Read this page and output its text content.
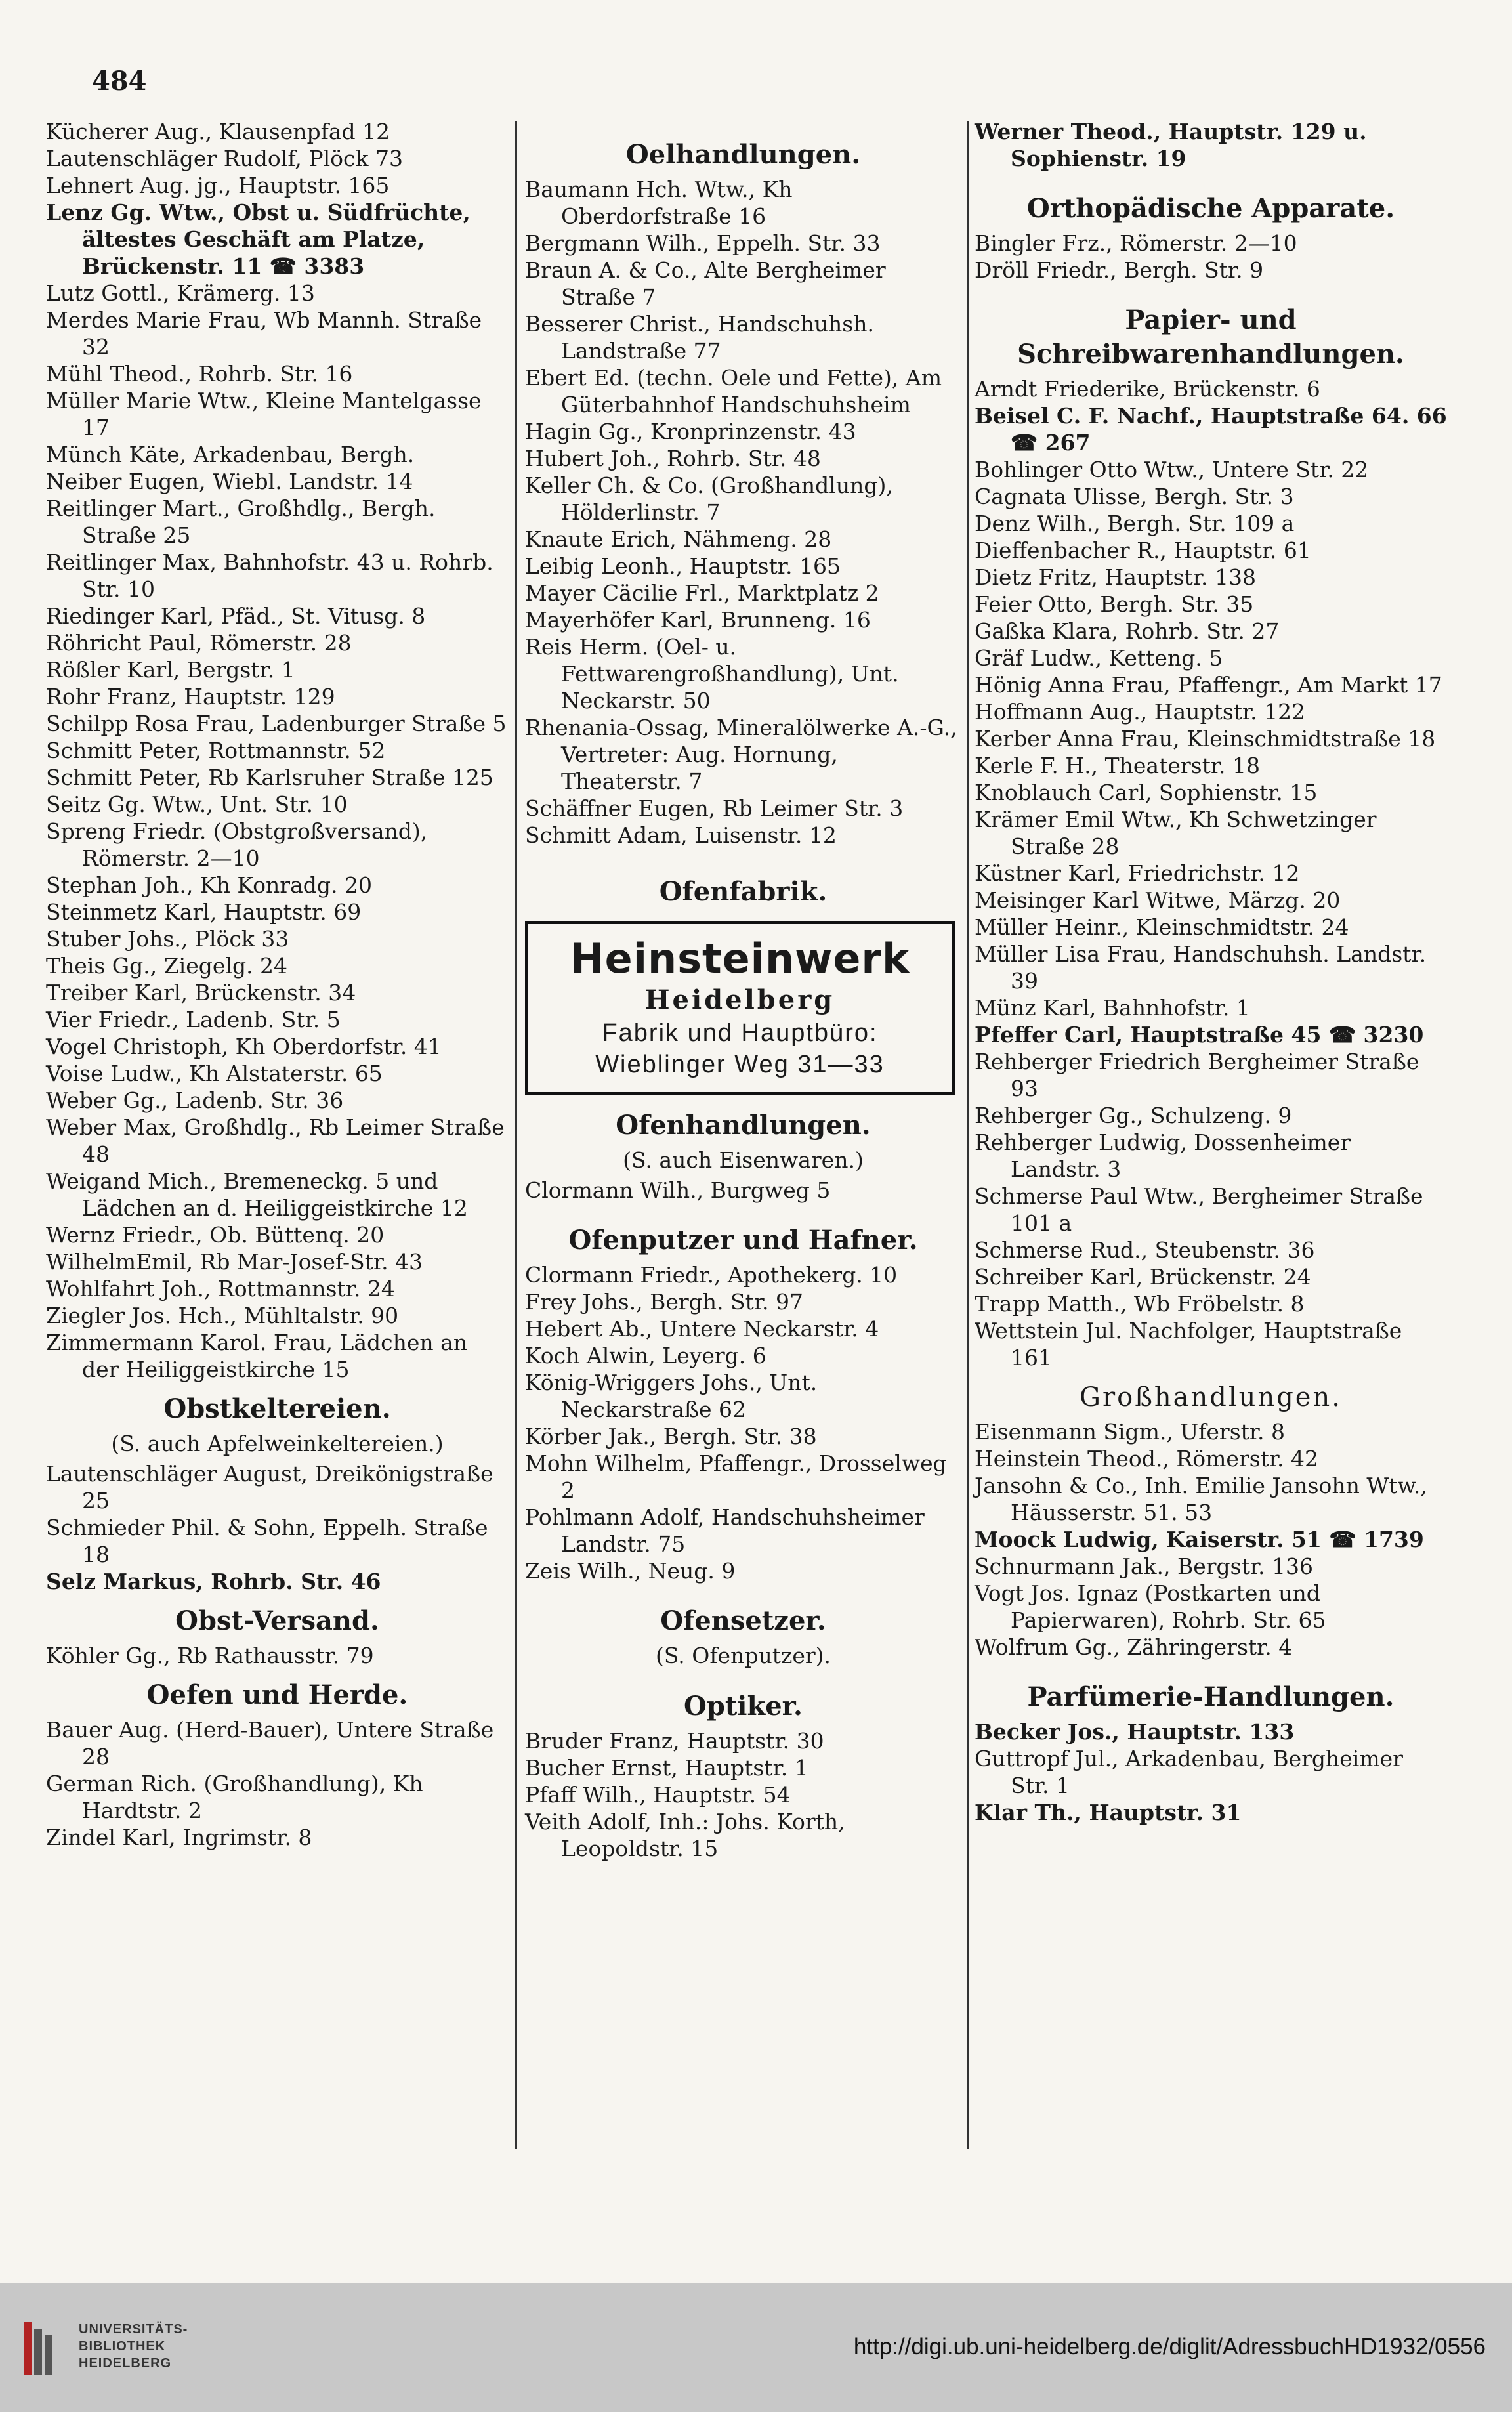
484

Kücherer Aug., Klausenpfad 12

Lautenschläger Rudolf, Plöck 73

Lehnert Aug. jg., Hauptstr. 165

Lenz Gg. Wtw., Obst u. Südfrüchte, ältestes Geschäft am Platze, Brückenstr. 11 ☎ 3383

Lutz Gottl., Krämerg. 13

Merdes Marie Frau, Wb Mannh. Straße 32

Mühl Theod., Rohrb. Str. 16

Müller Marie Wtw., Kleine Mantelgasse 17

Münch Käte, Arkadenbau, Bergh.

Neiber Eugen, Wiebl. Landstr. 14

Reitlinger Mart., Großhdlg., Bergh. Straße 25

Reitlinger Max, Bahnhofstr. 43 u. Rohrb. Str. 10

Riedinger Karl, Pfäd., St. Vitusg. 8

Röhricht Paul, Römerstr. 28

Rößler Karl, Bergstr. 1

Rohr Franz, Hauptstr. 129

Schilpp Rosa Frau, Ladenburger Straße 5

Schmitt Peter, Rottmannstr. 52

Schmitt Peter, Rb Karlsruher Straße 125

Seitz Gg. Wtw., Unt. Str. 10

Spreng Friedr. (Obstgroßversand), Römerstr. 2—10

Stephan Joh., Kh Konradg. 20

Steinmetz Karl, Hauptstr. 69

Stuber Johs., Plöck 33

Theis Gg., Ziegelg. 24

Treiber Karl, Brückenstr. 34

Vier Friedr., Ladenb. Str. 5

Vogel Christoph, Kh Oberdorfstr. 41

Voise Ludw., Kh Alstaterstr. 65

Weber Gg., Ladenb. Str. 36

Weber Max, Großhdlg., Rb Leimer Straße 48

Weigand Mich., Bremeneckg. 5 und Lädchen an d. Heiliggeistkirche 12

Wernz Friedr., Ob. Büttenq. 20

WilhelmEmil, Rb Mar-Josef-Str. 43

Wohlfahrt Joh., Rottmannstr. 24

Ziegler Jos. Hch., Mühltalstr. 90

Zimmermann Karol. Frau, Lädchen an der Heiliggeistkirche 15

Obstkeltereien.
(S. auch Apfelweinkeltereien.)

Lautenschläger August, Dreikönigstraße 25

Schmieder Phil. & Sohn, Eppelh. Straße 18

Selz Markus, Rohrb. Str. 46

Obst-Versand.

Köhler Gg., Rb Rathausstr. 79

Oefen und Herde.

Bauer Aug. (Herd-Bauer), Untere Straße 28

German Rich. (Großhandlung), Kh Hardtstr. 2

Zindel Karl, Ingrimstr. 8

Oelhandlungen.

Baumann Hch. Wtw., Kh Oberdorfstraße 16

Bergmann Wilh., Eppelh. Str. 33

Braun A. & Co., Alte Bergheimer Straße 7

Besserer Christ., Handschuhsh. Landstraße 77

Ebert Ed. (techn. Oele und Fette), Am Güterbahnhof Handschuhsheim

Hagin Gg., Kronprinzenstr. 43

Hubert Joh., Rohrb. Str. 48

Keller Ch. & Co. (Großhandlung), Hölderlinstr. 7

Knaute Erich, Nähmeng. 28

Leibig Leonh., Hauptstr. 165

Mayer Cäcilie Frl., Marktplatz 2

Mayerhöfer Karl, Brunneng. 16

Reis Herm. (Oel- u. Fettwarengroßhandlung), Unt. Neckarstr. 50

Rhenania-Ossag, Mineralölwerke A.-G., Vertreter: Aug. Hornung, Theaterstr. 7

Schäffner Eugen, Rb Leimer Str. 3

Schmitt Adam, Luisenstr. 12

Ofenfabrik.
Heinsteinwerk
Heidelberg
Fabrik und Hauptbüro:
Wieblinger Weg 31—33
Ofenhandlungen.
(S. auch Eisenwaren.)

Clormann Wilh., Burgweg 5

Ofenputzer und Hafner.

Clormann Friedr., Apothekerg. 10

Frey Johs., Bergh. Str. 97

Hebert Ab., Untere Neckarstr. 4

Koch Alwin, Leyerg. 6

König-Wriggers Johs., Unt. Neckarstraße 62

Körber Jak., Bergh. Str. 38

Mohn Wilhelm, Pfaffengr., Drosselweg 2

Pohlmann Adolf, Handschuhsheimer Landstr. 75

Zeis Wilh., Neug. 9

Ofensetzer.
(S. Ofenputzer).
Optiker.

Bruder Franz, Hauptstr. 30

Bucher Ernst, Hauptstr. 1

Pfaff Wilh., Hauptstr. 54

Veith Adolf, Inh.: Johs. Korth, Leopoldstr. 15

Werner Theod., Hauptstr. 129 u. Sophienstr. 19

Orthopädische Apparate.

Bingler Frz., Römerstr. 2—10

Dröll Friedr., Bergh. Str. 9

Papier- und Schreibwarenhandlungen.

Arndt Friederike, Brückenstr. 6

Beisel C. F. Nachf., Hauptstraße 64. 66 ☎ 267

Bohlinger Otto Wtw., Untere Str. 22

Cagnata Ulisse, Bergh. Str. 3

Denz Wilh., Bergh. Str. 109 a

Dieffenbacher R., Hauptstr. 61

Dietz Fritz, Hauptstr. 138

Feier Otto, Bergh. Str. 35

Gaßka Klara, Rohrb. Str. 27

Gräf Ludw., Ketteng. 5

Hönig Anna Frau, Pfaffengr., Am Markt 17

Hoffmann Aug., Hauptstr. 122

Kerber Anna Frau, Kleinschmidtstraße 18

Kerle F. H., Theaterstr. 18

Knoblauch Carl, Sophienstr. 15

Krämer Emil Wtw., Kh Schwetzinger Straße 28

Küstner Karl, Friedrichstr. 12

Meisinger Karl Witwe, Märzg. 20

Müller Heinr., Kleinschmidtstr. 24

Müller Lisa Frau, Handschuhsh. Landstr. 39

Münz Karl, Bahnhofstr. 1

Pfeffer Carl, Hauptstraße 45 ☎ 3230

Rehberger Friedrich Bergheimer Straße 93

Rehberger Gg., Schulzeng. 9

Rehberger Ludwig, Dossenheimer Landstr. 3

Schmerse Paul Wtw., Bergheimer Straße 101 a

Schmerse Rud., Steubenstr. 36

Schreiber Karl, Brückenstr. 24

Trapp Matth., Wb Fröbelstr. 8

Wettstein Jul. Nachfolger, Hauptstraße 161

Großhandlungen.

Eisenmann Sigm., Uferstr. 8

Heinstein Theod., Römerstr. 42

Jansohn & Co., Inh. Emilie Jansohn Wtw., Häusserstr. 51. 53

Moock Ludwig, Kaiserstr. 51 ☎ 1739

Schnurmann Jak., Bergstr. 136

Vogt Jos. Ignaz (Postkarten und Papierwaren), Rohrb. Str. 65

Wolfrum Gg., Zähringerstr. 4

Parfümerie-Handlungen.

Becker Jos., Hauptstr. 133

Guttropf Jul., Arkadenbau, Bergheimer Str. 1

Klar Th., Hauptstr. 31

UNIVERSITÄTS-
BIBLIOTHEK
HEIDELBERG
http://digi.ub.uni-heidelberg.de/diglit/AdressbuchHD1932/0556
